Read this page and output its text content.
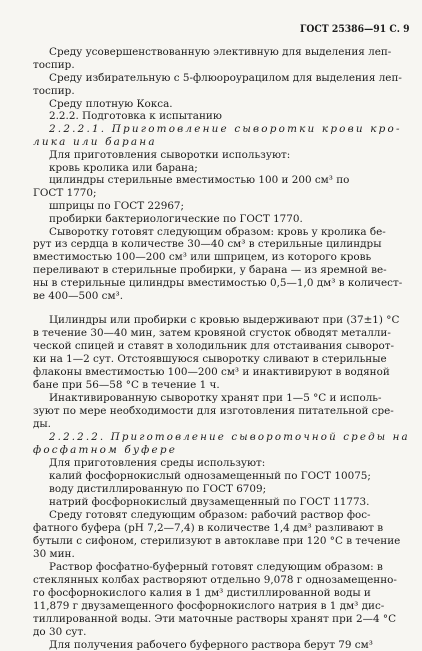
ГОСТ 25386—91 С. 9
Среду усовершенствованную элективную для выделения леп-
тоспир.
Среду избирательную с 5-флюороурацилом для выделения леп-
тоспир.
Среду плотную Кокса.
2.2.2. Подготовка к испытанию
2.2.2.1. Приготовление сыворотки крови кро-
лика или барана
Для приготовления сыворотки используют:
кровь кролика или барана;
цилиндры стерильные вместимостью 100 и 200 см³ по
ГОСТ 1770;
шприцы по ГОСТ 22967;
пробирки бактериологические по ГОСТ 1770.
Сыворотку готовят следующим образом: кровь у кролика бе-
рут из сердца в количестве 30—40 см³ в стерильные цилиндры
вместимостью 100—200 см³ или шприцем, из которого кровь
переливают в стерильные пробирки, у барана — из яремной ве-
ны в стерильные цилиндры вместимостью 0,5—1,0 дм³ в количест-
ве 400—500 см³.
Цилиндры или пробирки с кровью выдерживают при (37±1) °С
в течение 30—40 мин, затем кровяной сгусток обводят металли-
ческой спицей и ставят в холодильник для отстаивания сыворот-
ки на 1—2 сут. Отстоявшуюся сыворотку сливают в стерильные
флаконы вместимостью 100—200 см³ и инактивируют в водяной
бане при 56—58 °С в течение 1 ч.
Инактивированную сыворотку хранят при 1—5 °С и исполь-
зуют по мере необходимости для изготовления питательной сре-
ды.
2.2.2.2. Приготовление сывороточной среды на
фосфатном буфере
Для приготовления среды используют:
калий фосфорнокислый однозамещенный по ГОСТ 10075;
воду дистиллированную по ГОСТ 6709;
натрий фосфорнокислый двузамещенный по ГОСТ 11773.
Среду готовят следующим образом: рабочий раствор фос-
фатного буфера (рН 7,2—7,4) в количестве 1,4 дм³ разливают в
бутыли с сифоном, стерилизуют в автоклаве при 120 °С в течение
30 мин.
Раствор фосфатно-буферный готовят следующим образом: в
стеклянных колбах растворяют отдельно 9,078 г однозамещенно-
го фосфорнокислого калия в 1 дм³ дистиллированной воды и
11,879 г двузамещенного фосфорнокислого натрия в 1 дм³ дис-
тиллированной воды. Эти маточные растворы хранят при 2—4 °С
до 30 сут.
Для получения рабочего буферного раствора берут 79 см³
